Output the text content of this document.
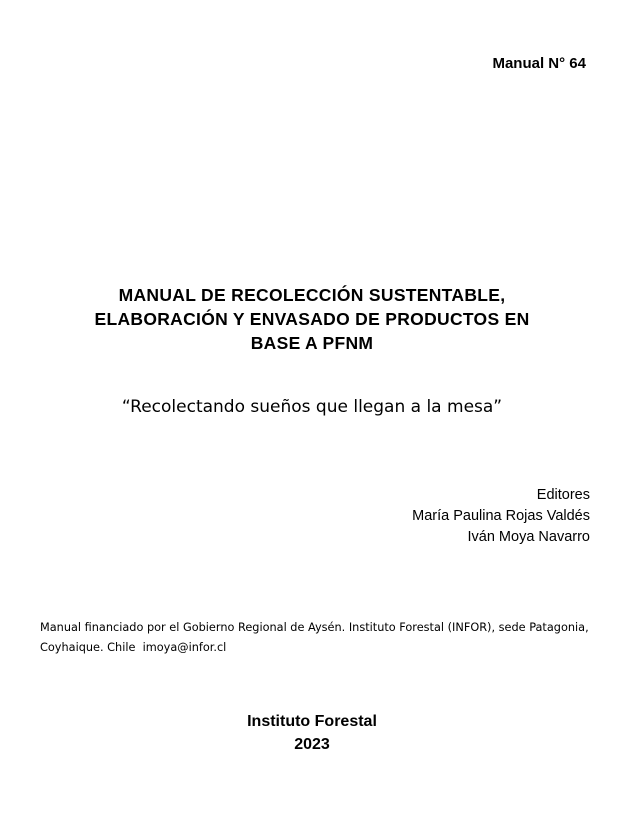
Manual N° 64
MANUAL DE RECOLECCIÓN SUSTENTABLE,
ELABORACIÓN Y ENVASADO DE PRODUCTOS EN
BASE A PFNM
“Recolectando sueños que llegan a la mesa”
Editores
María Paulina Rojas Valdés
Iván Moya Navarro
Manual financiado por el Gobierno Regional de Aysén. Instituto Forestal (INFOR), sede Patagonia,
Coyhaique. Chile  imoya@infor.cl
Instituto Forestal
2023
